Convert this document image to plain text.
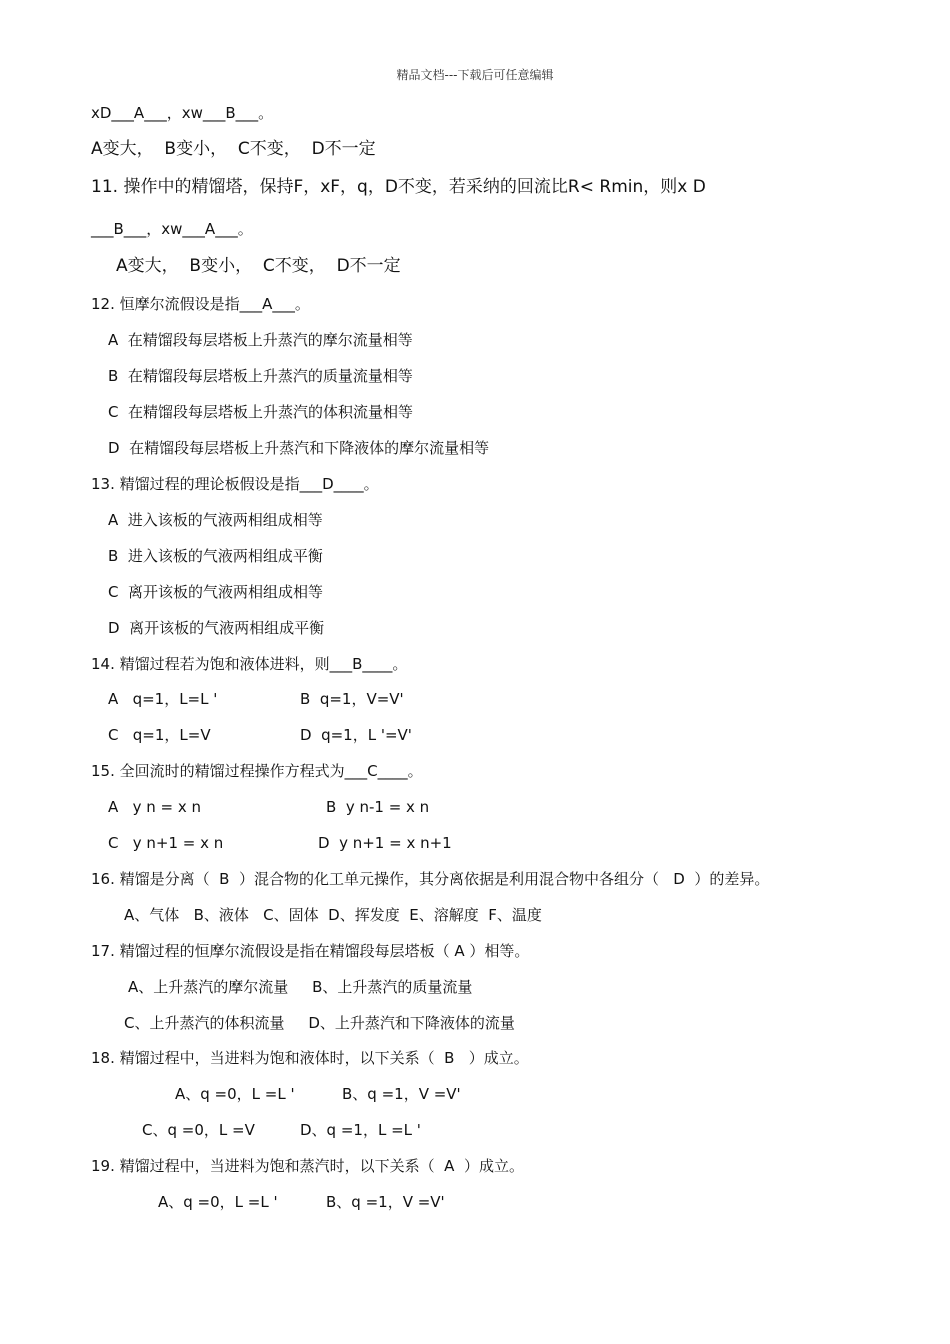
精品文档---下载后可任意编辑
xD___A___，xw___B___。
A变大，  B变小，  C不变，  D不一定
11. 操作中的精馏塔，保持F，xF，q，D不变，若采纳的回流比R< Rmin，则x D
___B___，xw___A___。
A变大，  B变小，  C不变，  D不一定
12. 恒摩尔流假设是指___A___。
A  在精馏段每层塔板上升蒸汽的摩尔流量相等
B  在精馏段每层塔板上升蒸汽的质量流量相等
C  在精馏段每层塔板上升蒸汽的体积流量相等
D  在精馏段每层塔板上升蒸汽和下降液体的摩尔流量相等
13. 精馏过程的理论板假设是指___D____。
A  进入该板的气液两相组成相等
B  进入该板的气液两相组成平衡
C  离开该板的气液两相组成相等
D  离开该板的气液两相组成平衡
14. 精馏过程若为饱和液体进料，则___B____。
A   q=1，L=L '	B  q=1，V=V'
C   q=1，L=V	D  q=1，L '=V'
15. 全回流时的精馏过程操作方程式为___C____。
A   y n = x n	B  y n-1 = x n
C   y n+1 = x n	D  y n+1 = x n+1
16. 精馏是分离（  B  ）混合物的化工单元操作，其分离依据是利用混合物中各组分（   D  ）的差异。
A、气体   B、液体   C、固体  D、挥发度  E、溶解度  F、温度
17. 精馏过程的恒摩尔流假设是指在精馏段每层塔板（ A ）相等。
A、上升蒸汽的摩尔流量     B、上升蒸汽的质量流量
C、上升蒸汽的体积流量     D、上升蒸汽和下降液体的流量
18. 精馏过程中，当进料为饱和液体时，以下关系（  B   ）成立。
A、q =0，L =L '	B、q =1，V =V'
C、q =0，L =V	D、q =1，L =L '
19. 精馏过程中，当进料为饱和蒸汽时，以下关系（  A  ）成立。
A、q =0，L =L '	B、q =1，V =V'
